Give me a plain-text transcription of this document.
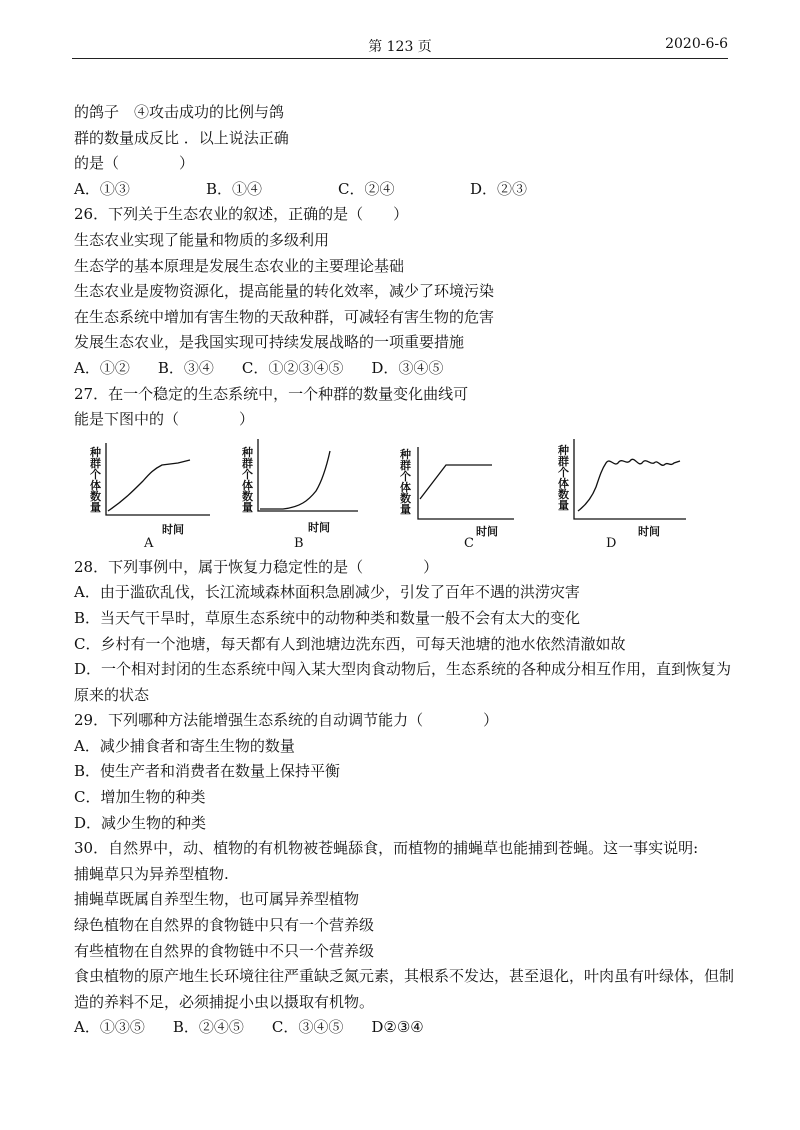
第 123 页	2020-6-6
的鸽子　④攻击成功的比例与鸽
群的数量成反比 ．以上说法正确
的是（　　　　）
A．①③	B．①④	C．②④	D．②③
26．下列关于生态农业的叙述，正确的是（　　）
生态农业实现了能量和物质的多级利用
生态学的基本原理是发展生态农业的主要理论基础
生态农业是废物资源化，提高能量的转化效率，减少了环境污染
在生态系统中增加有害生物的天敌种群，可减轻有害生物的危害
发展生态农业，是我国实现可持续发展战略的一项重要措施
A．①② B．③④ C．①②③④⑤ D．③④⑤
27．在一个稳定的生态系统中，一个种群的数量变化曲线可
能是下图中的（　　　　）
种群个体数量
时间
A
种群个体数量
时间
B
种群个体数量
时间
C
种群个体数量
时间
D
28．下列事例中，属于恢复力稳定性的是（　　　　）
A．由于滥砍乱伐，长江流域森林面积急剧减少，引发了百年不遇的洪涝灾害
B．当天气干旱时，草原生态系统中的动物种类和数量一般不会有太大的变化
C．乡村有一个池塘，每天都有人到池塘边洗东西，可每天池塘的池水依然清澈如故
D．一个相对封闭的生态系统中闯入某大型肉食动物后，生态系统的各种成分相互作用，直到恢复为原来的状态
29．下列哪种方法能增强生态系统的自动调节能力（　　　　）
A．减少捕食者和寄生生物的数量
B．使生产者和消费者在数量上保持平衡
C．增加生物的种类
D．减少生物的种类
30．自然界中，动、植物的有机物被苍蝇舔食，而植物的捕蝇草也能捕到苍蝇。这一事实说明:
捕蝇草只为异养型植物.
捕蝇草既属自养型生物，也可属异养型植物
绿色植物在自然界的食物链中只有一个营养级
有些植物在自然界的食物链中不只一个营养级
食虫植物的原产地生长环境往往严重缺乏氮元素，其根系不发达，甚至退化，叶肉虽有叶绿体，但制造的养料不足，必须捕捉小虫以摄取有机物。
A．①③⑤ B．②④⑤ C．③④⑤ D②③④
